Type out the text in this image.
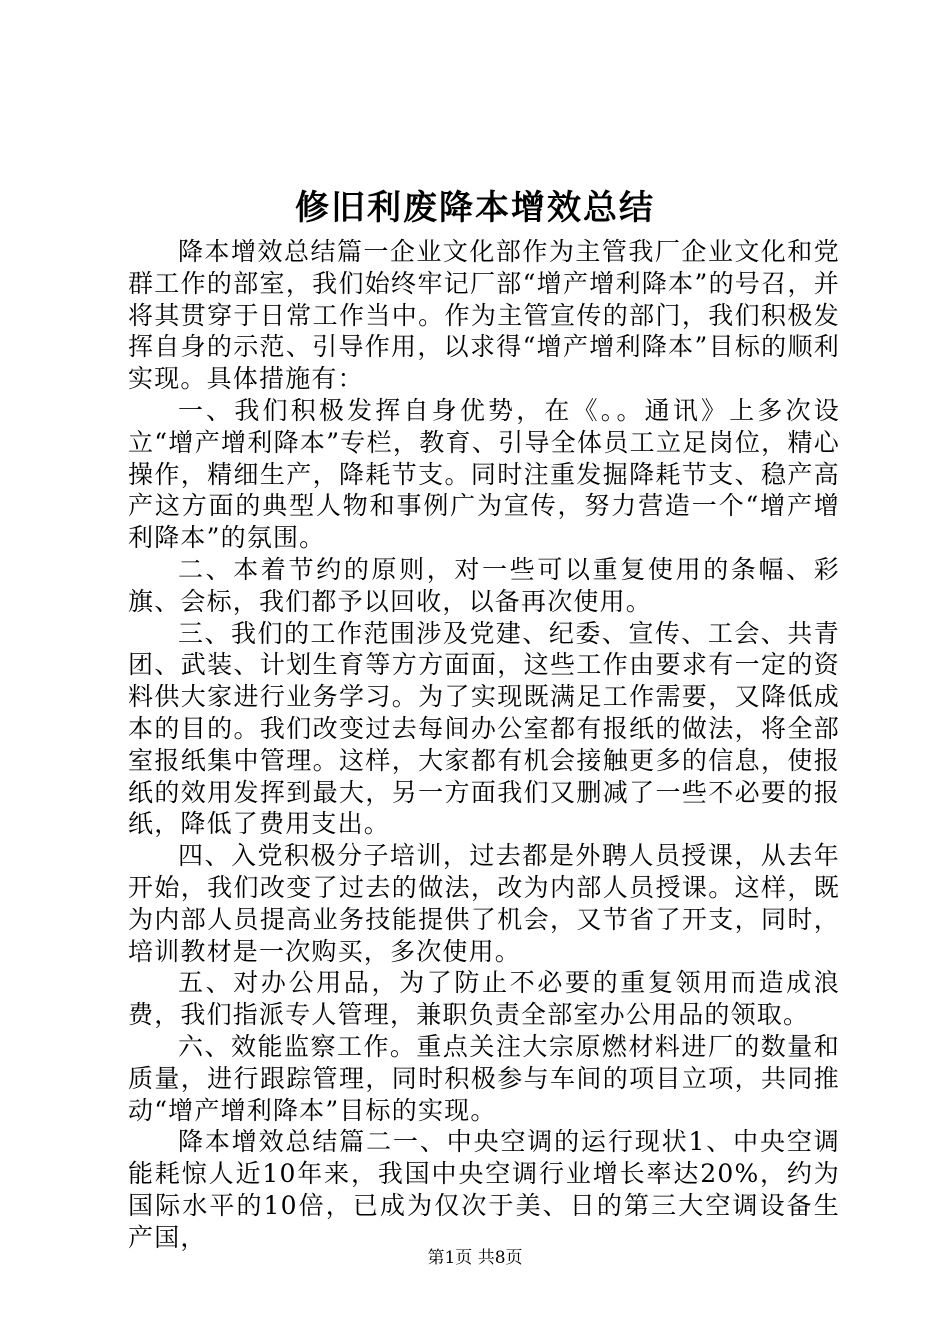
修旧利废降本增效总结

降本增效总结篇一企业文化部作为主管我厂企业文化和党群工作的部室，我们始终牢记厂部“增产增利降本”的号召，并将其贯穿于日常工作当中。作为主管宣传的部门，我们积极发挥自身的示范、引导作用，以求得“增产增利降本”目标的顺利实现。具体措施有：

一、我们积极发挥自身优势，在《。。通讯》上多次设立“增产增利降本”专栏，教育、引导全体员工立足岗位，精心操作，精细生产，降耗节支。同时注重发掘降耗节支、稳产高产这方面的典型人物和事例广为宣传，努力营造一个“增产增利降本”的氛围。

二、本着节约的原则，对一些可以重复使用的条幅、彩旗、会标，我们都予以回收，以备再次使用。

三、我们的工作范围涉及党建、纪委、宣传、工会、共青团、武装、计划生育等方方面面，这些工作由要求有一定的资料供大家进行业务学习。为了实现既满足工作需要，又降低成本的目的。我们改变过去每间办公室都有报纸的做法，将全部室报纸集中管理。这样，大家都有机会接触更多的信息，使报纸的效用发挥到最大，另一方面我们又删减了一些不必要的报纸，降低了费用支出。

四、入党积极分子培训，过去都是外聘人员授课，从去年开始，我们改变了过去的做法，改为内部人员授课。这样，既为内部人员提高业务技能提供了机会，又节省了开支，同时，培训教材是一次购买，多次使用。

五、对办公用品，为了防止不必要的重复领用而造成浪费，我们指派专人管理，兼职负责全部室办公用品的领取。

六、效能监察工作。重点关注大宗原燃材料进厂的数量和质量，进行跟踪管理，同时积极参与车间的项目立项，共同推动“增产增利降本”目标的实现。

降本增效总结篇二一、中央空调的运行现状1、中央空调能耗惊人近10年来，我国中央空调行业增长率达20%，约为国际水平的10倍，已成为仅次于美、日的第三大空调设备生产国，

第1页 共8页
